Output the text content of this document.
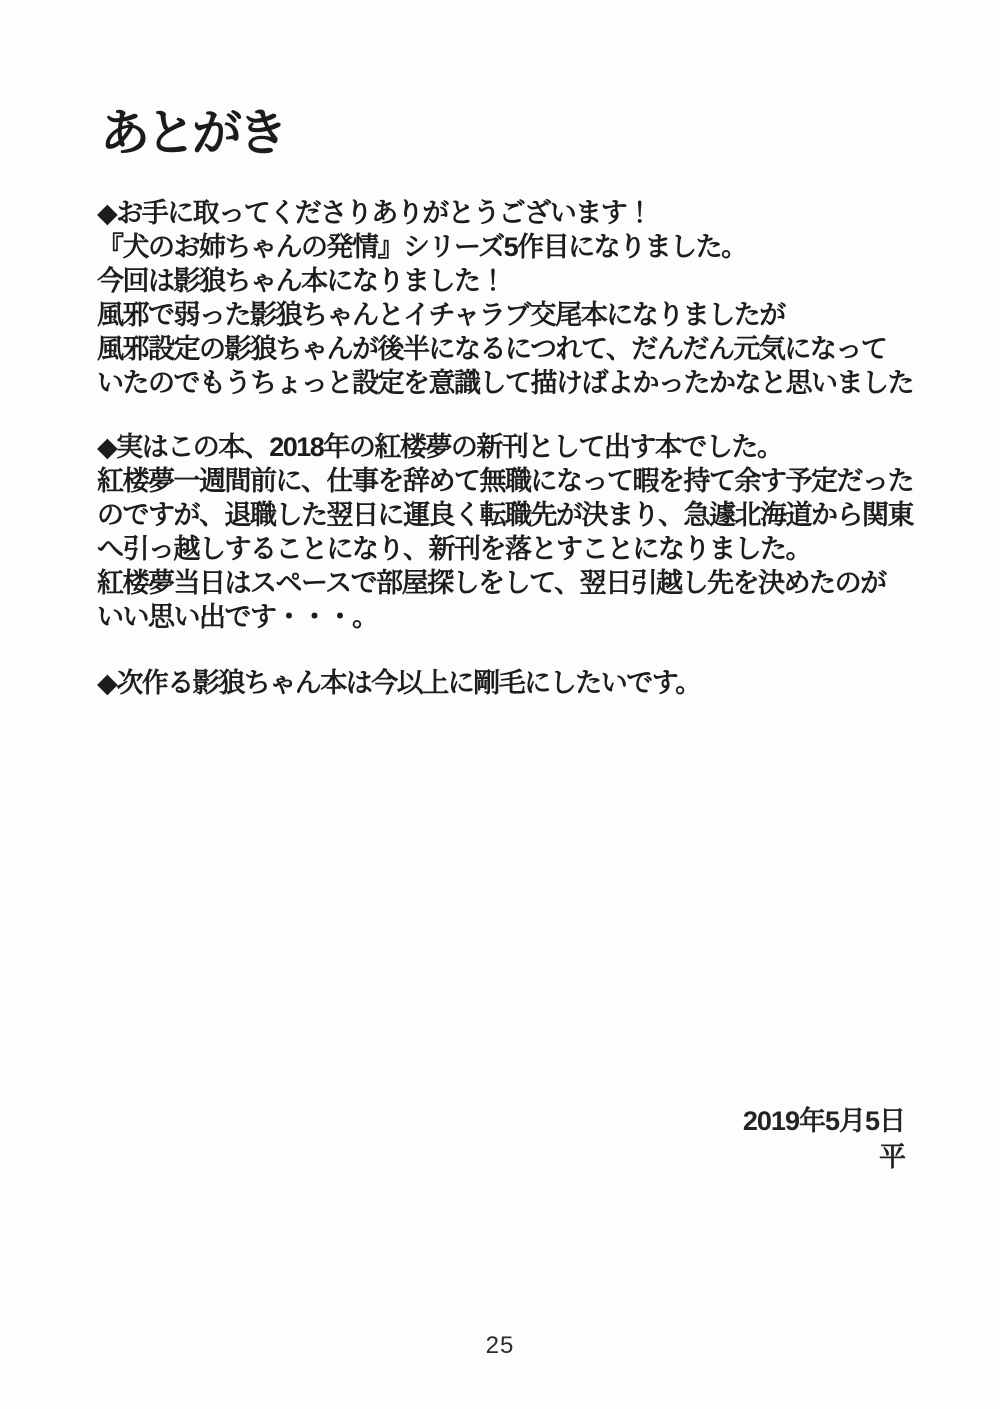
あとがき
◆お手に取ってくださりありがとうございます！
『犬のお姉ちゃんの発情』シリーズ5作目になりました。
今回は影狼ちゃん本になりました！
風邪で弱った影狼ちゃんとイチャラブ交尾本になりましたが
風邪設定の影狼ちゃんが後半になるにつれて、だんだん元気になって
いたのでもうちょっと設定を意識して描けばよかったかなと思いました
◆実はこの本、2018年の紅楼夢の新刊として出す本でした。
紅楼夢一週間前に、仕事を辞めて無職になって暇を持て余す予定だった
のですが、退職した翌日に運良く転職先が決まり、急遽北海道から関東
へ引っ越しすることになり、新刊を落とすことになりました。
紅楼夢当日はスペースで部屋探しをして、翌日引越し先を決めたのが
いい思い出です・・・。
◆次作る影狼ちゃん本は今以上に剛毛にしたいです。
2019年5月5日
平
25
